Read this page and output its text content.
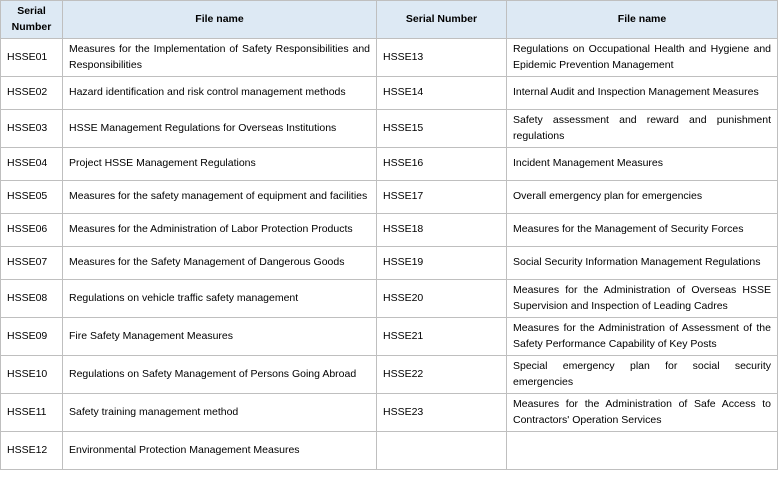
Serial Number	File name	Serial Number	File name
HSSE01	Measures for the Implementation of Safety Responsibilities and Responsibilities	HSSE13	Regulations on Occupational Health and Hygiene and Epidemic Prevention Management
HSSE02	Hazard identification and risk control management methods	HSSE14	Internal Audit and Inspection Management Measures
HSSE03	HSSE Management Regulations for Overseas Institutions	HSSE15	Safety assessment and reward and punishment regulations
HSSE04	Project HSSE Management Regulations	HSSE16	Incident Management Measures
HSSE05	Measures for the safety management of equipment and facilities	HSSE17	Overall emergency plan for emergencies
HSSE06	Measures for the Administration of Labor Protection Products	HSSE18	Measures for the Management of Security Forces
HSSE07	Measures for the Safety Management of Dangerous Goods	HSSE19	Social Security Information Management Regulations
HSSE08	Regulations on vehicle traffic safety management	HSSE20	Measures for the Administration of Overseas HSSE Supervision and Inspection of Leading Cadres
HSSE09	Fire Safety Management Measures	HSSE21	Measures for the Administration of Assessment of the Safety Performance Capability of Key Posts
HSSE10	Regulations on Safety Management of Persons Going Abroad	HSSE22	Special emergency plan for social security emergencies
HSSE11	Safety training management method	HSSE23	Measures for the Administration of Safe Access to Contractors' Operation Services
HSSE12	Environmental Protection Management Measures		
